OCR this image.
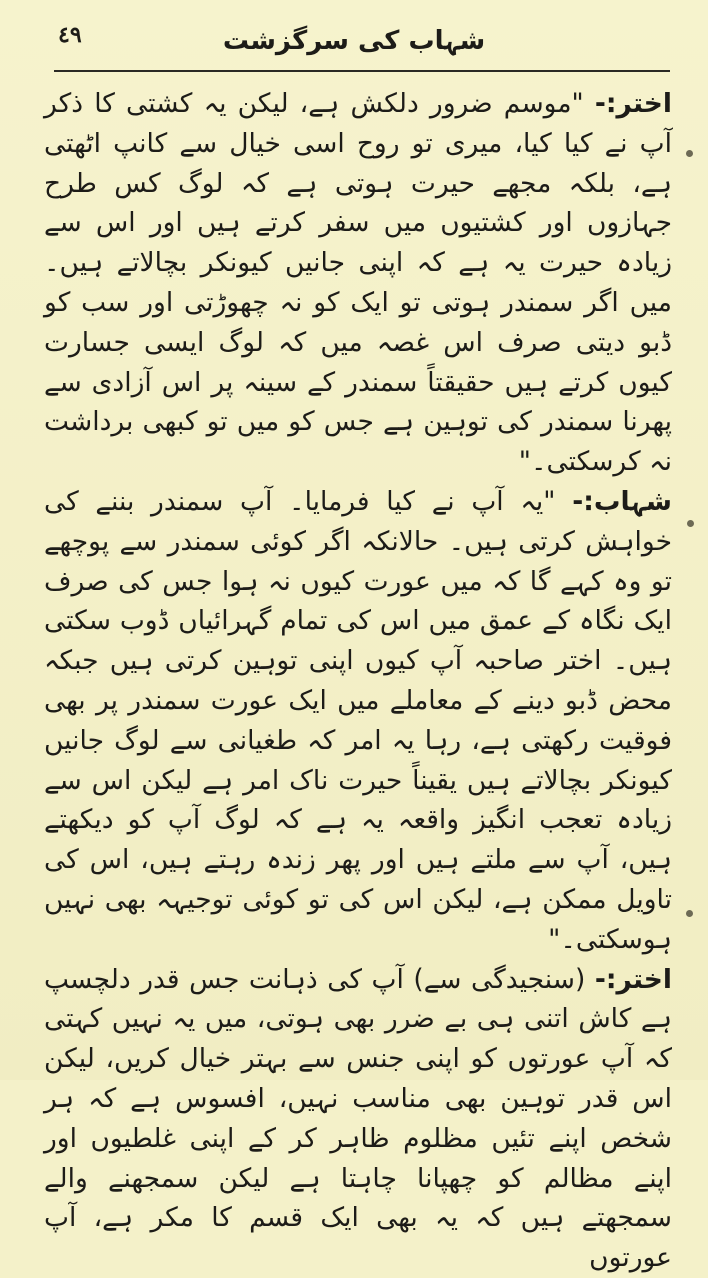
٤٩	شہاب کی سرگزشت

اختر:- "موسم ضرور دلکش ہے، لیکن یہ کشتی کا ذکر آپ نے کیا کیا، میری تو روح اسی خیال سے کانپ اٹھتی ہے، بلکہ مجھے حیرت ہوتی ہے کہ لوگ کس طرح جہازوں اور کشتیوں میں سفر کرتے ہیں اور اس سے زیادہ حیرت یہ ہے کہ اپنی جانیں کیونکر بچالاتے ہیں۔ میں اگر سمندر ہوتی تو ایک کو نہ چھوڑتی اور سب کو ڈبو دیتی صرف اس غصہ میں کہ لوگ ایسی جسارت کیوں کرتے ہیں حقیقتاً سمندر کے سینہ پر اس آزادی سے پھرنا سمندر کی توہین ہے جس کو میں تو کبھی برداشت نہ کرسکتی۔"

شہاب:- "یہ آپ نے کیا فرمایا۔ آپ سمندر بننے کی خواہش کرتی ہیں۔ حالانکہ اگر کوئی سمندر سے پوچھے تو وہ کہے گا کہ میں عورت کیوں نہ ہوا جس کی صرف ایک نگاہ کے عمق میں اس کی تمام گہرائیاں ڈوب سکتی ہیں۔ اختر صاحبہ آپ کیوں اپنی توہین کرتی ہیں جبکہ محض ڈبو دینے کے معاملے میں ایک عورت سمندر پر بھی فوقیت رکھتی ہے، رہا یہ امر کہ طغیانی سے لوگ جانیں کیونکر بچالاتے ہیں یقیناً حیرت ناک امر ہے لیکن اس سے زیادہ تعجب انگیز واقعہ یہ ہے کہ لوگ آپ کو دیکھتے ہیں، آپ سے ملتے ہیں اور پھر زندہ رہتے ہیں، اس کی تاویل ممکن ہے، لیکن اس کی تو کوئی توجیہہ بھی نہیں ہوسکتی۔"

اختر:- (سنجیدگی سے) آپ کی ذہانت جس قدر دلچسپ ہے کاش اتنی ہی بے ضرر بھی ہوتی، میں یہ نہیں کہتی کہ آپ عورتوں کو اپنی جنس سے بہتر خیال کریں، لیکن اس قدر توہین بھی مناسب نہیں، افسوس ہے کہ ہر شخص اپنے تئیں مظلوم ظاہر کر کے اپنی غلطیوں اور اپنے مظالم کو چھپانا چاہتا ہے لیکن سمجھنے والے سمجھتے ہیں کہ یہ بھی ایک قسم کا مکر ہے، آپ عورتوں
